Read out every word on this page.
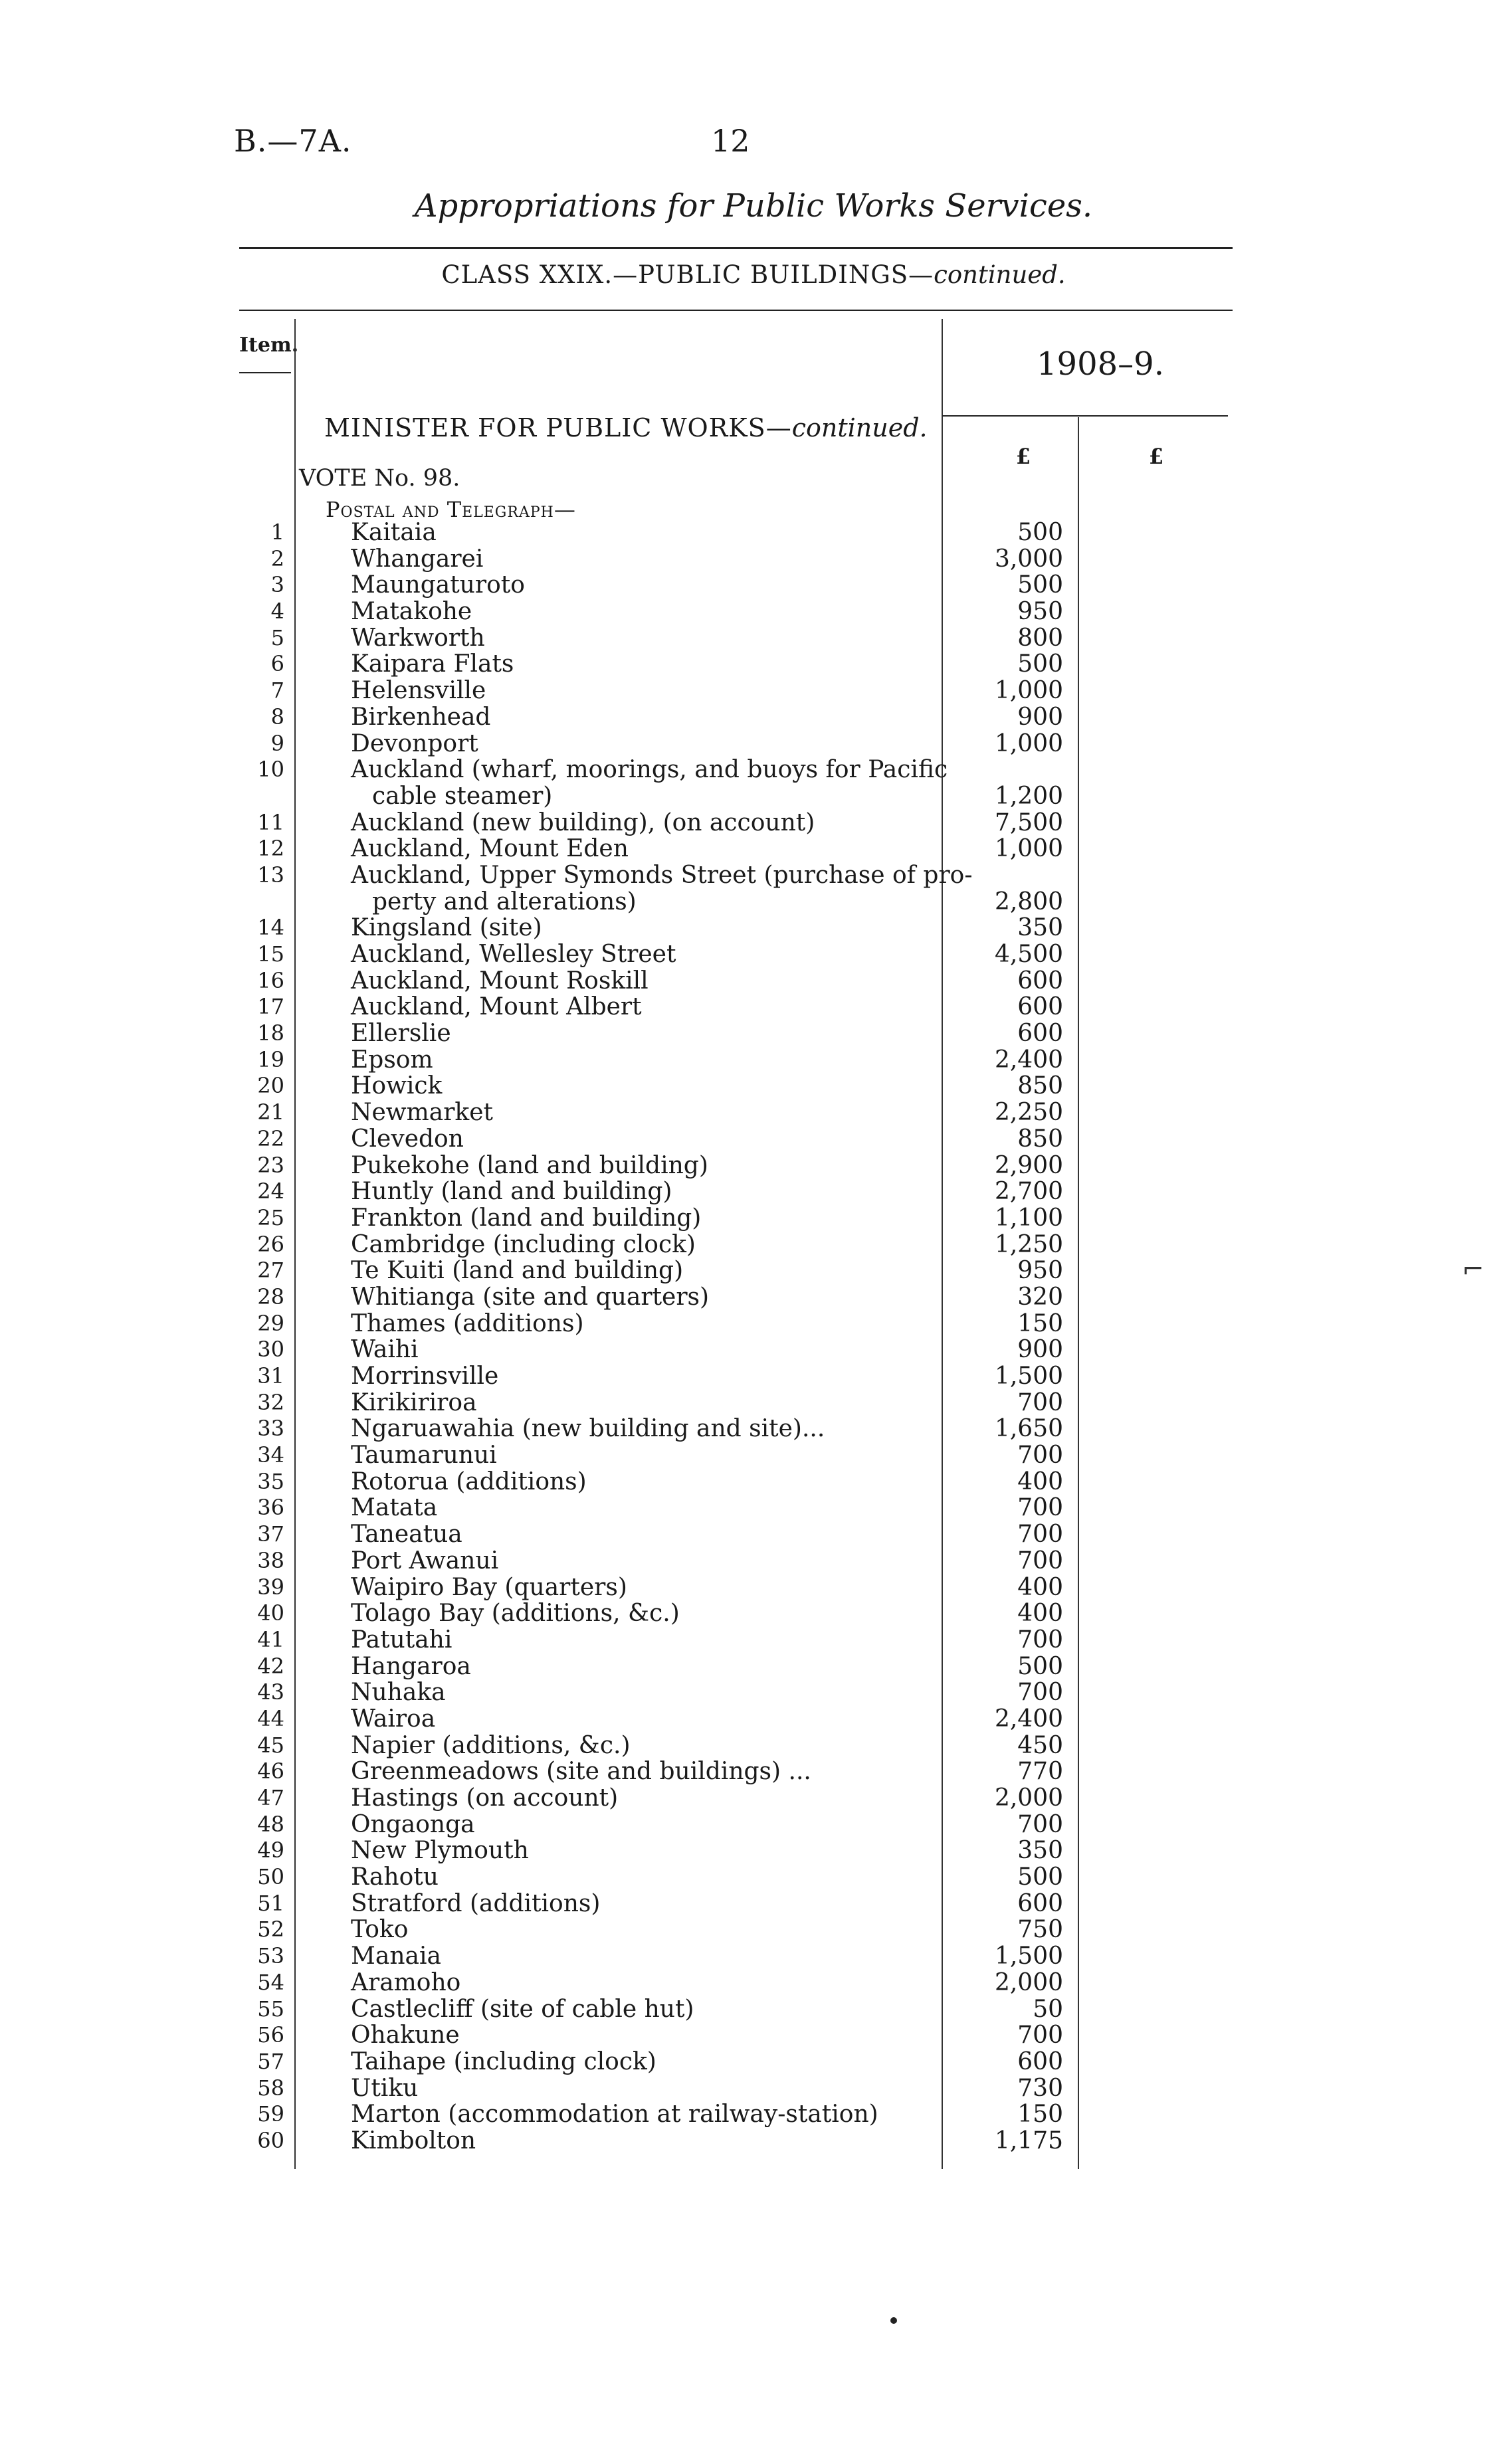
B.—7A.	12
Appropriations for Public Works Services.
CLASS XXIX.—PUBLIC BUILDINGS—continued.
Item.
1908–9.
£	£
MINISTER FOR PUBLIC WORKS—continued.
VOTE No. 98.
Postal and Telegraph—
1	Kaitaia	500
2	Whangarei	3,000
3	Maungaturoto	500
4	Matakohe	950
5	Warkworth	800
6	Kaipara Flats	500
7	Helensville	1,000
8	Birkenhead	900
9	Devonport	1,000
10	Auckland (wharf, moorings, and buoys for Pacific
cable steamer)	1,200
11	Auckland (new building), (on account)	7,500
12	Auckland, Mount Eden	1,000
13	Auckland, Upper Symonds Street (purchase of pro-
perty and alterations)	2,800
14	Kingsland (site)	350
15	Auckland, Wellesley Street	4,500
16	Auckland, Mount Roskill	600
17	Auckland, Mount Albert	600
18	Ellerslie	600
19	Epsom	2,400
20	Howick	850
21	Newmarket	2,250
22	Clevedon	850
23	Pukekohe (land and building)	2,900
24	Huntly (land and building)	2,700
25	Frankton (land and building)	1,100
26	Cambridge (including clock)	1,250
27	Te Kuiti (land and building)	950
28	Whitianga (site and quarters)	320
29	Thames (additions)	150
30	Waihi	900
31	Morrinsville	1,500
32	Kirikiriroa	700
33	Ngaruawahia (new building and site)...	1,650
34	Taumarunui	700
35	Rotorua (additions)	400
36	Matata	700
37	Taneatua	700
38	Port Awanui	700
39	Waipiro Bay (quarters)	400
40	Tolago Bay (additions, &c.)	400
41	Patutahi	700
42	Hangaroa	500
43	Nuhaka	700
44	Wairoa	2,400
45	Napier (additions, &c.)	450
46	Greenmeadows (site and buildings) ...	770
47	Hastings (on account)	2,000
48	Ongaonga	700
49	New Plymouth	350
50	Rahotu	500
51	Stratford (additions)	600
52	Toko	750
53	Manaia	1,500
54	Aramoho	2,000
55	Castlecliff (site of cable hut)	50
56	Ohakune	700
57	Taihape (including clock)	600
58	Utiku	730
59	Marton (accommodation at railway-station)	150
60	Kimbolton	1,175
⌐
